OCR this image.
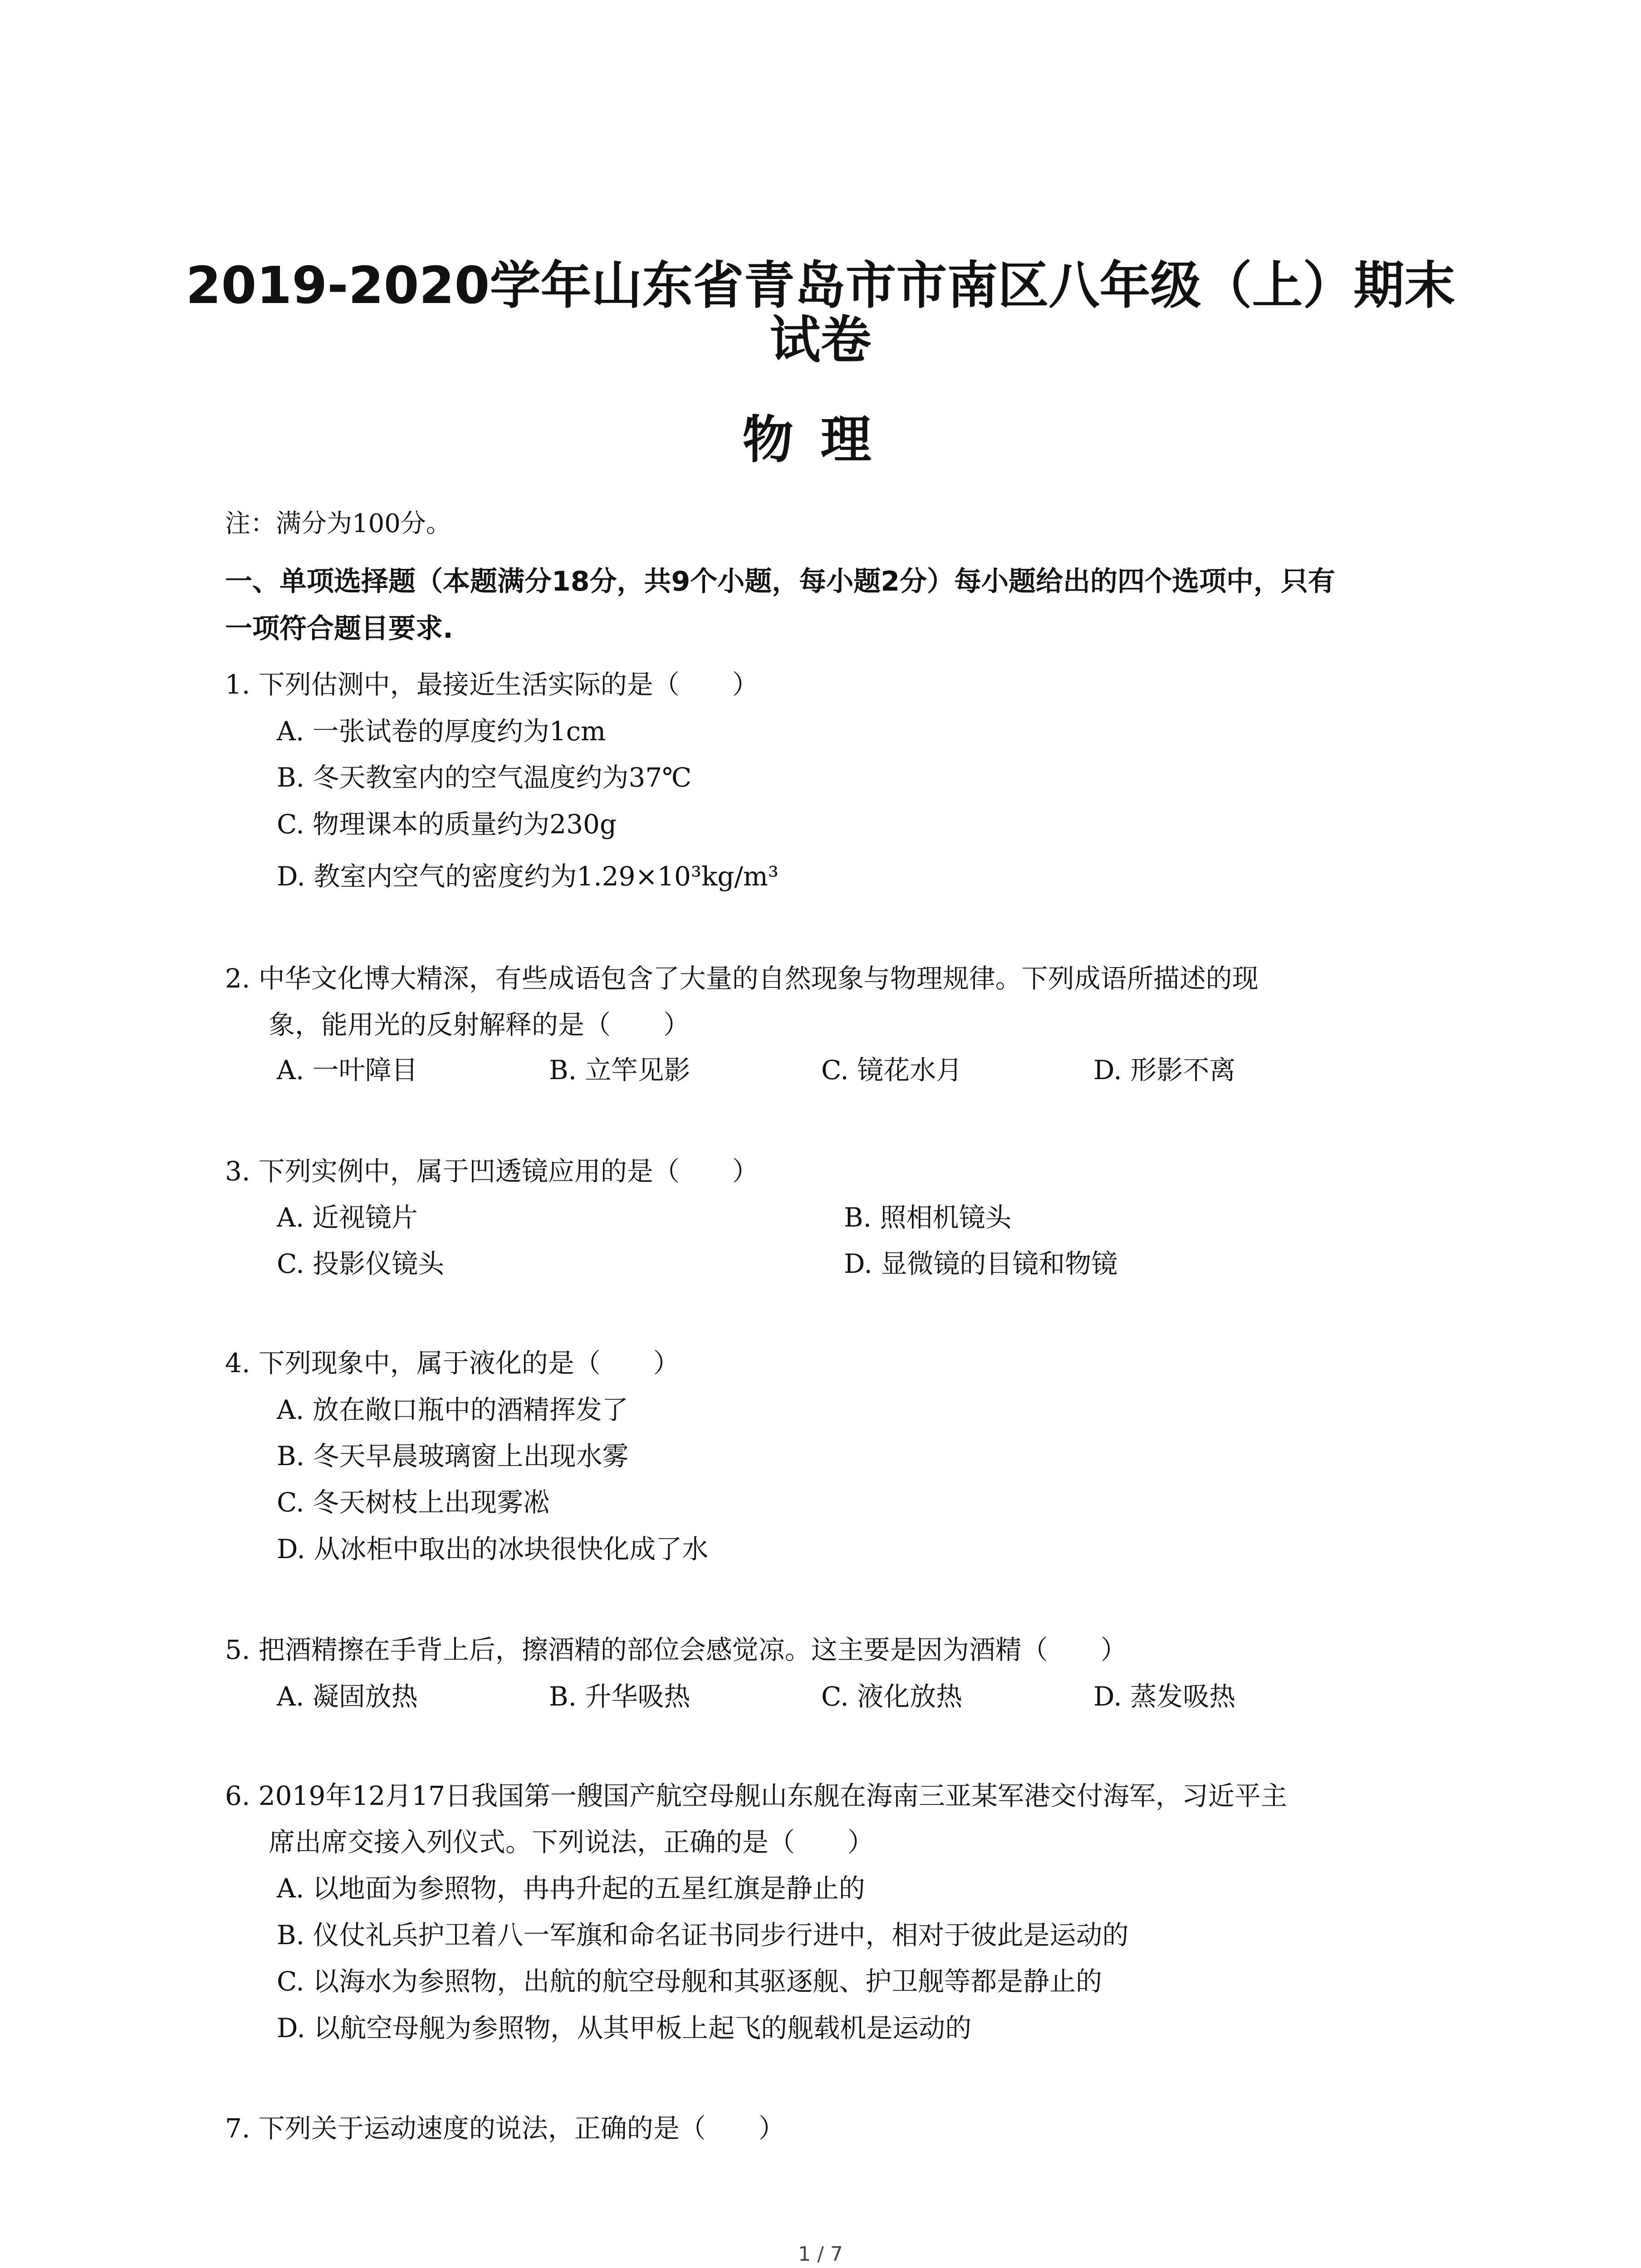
2019-2020学年山东省青岛市市南区八年级（上）期末
试卷
物理
注：满分为100分。
一、单项选择题（本题满分18分，共9个小题，每小题2分）每小题给出的四个选项中，只有
一项符合题目要求.
1. 下列估测中，最接近生活实际的是（　　）
A. 一张试卷的厚度约为1cm
B. 冬天教室内的空气温度约为37℃
C. 物理课本的质量约为230g
D. 教室内空气的密度约为1.29×10³kg/m³
2. 中华文化博大精深，有些成语包含了大量的自然现象与物理规律。下列成语所描述的现
象，能用光的反射解释的是（　　）
A. 一叶障目	B. 立竿见影	C. 镜花水月	D. 形影不离
3. 下列实例中，属于凹透镜应用的是（　　）
A. 近视镜片	B. 照相机镜头
C. 投影仪镜头	D. 显微镜的目镜和物镜
4. 下列现象中，属于液化的是（　　）
A. 放在敞口瓶中的酒精挥发了
B. 冬天早晨玻璃窗上出现水雾
C. 冬天树枝上出现雾凇
D. 从冰柜中取出的冰块很快化成了水
5. 把酒精擦在手背上后，擦酒精的部位会感觉凉。这主要是因为酒精（　　）
A. 凝固放热	B. 升华吸热	C. 液化放热	D. 蒸发吸热
6. 2019年12月17日我国第一艘国产航空母舰山东舰在海南三亚某军港交付海军，习近平主
席出席交接入列仪式。下列说法，正确的是（　　）
A. 以地面为参照物，冉冉升起的五星红旗是静止的
B. 仪仗礼兵护卫着八一军旗和命名证书同步行进中，相对于彼此是运动的
C. 以海水为参照物，出航的航空母舰和其驱逐舰、护卫舰等都是静止的
D. 以航空母舰为参照物，从其甲板上起飞的舰载机是运动的
7. 下列关于运动速度的说法，正确的是（　　）
1 / 7
